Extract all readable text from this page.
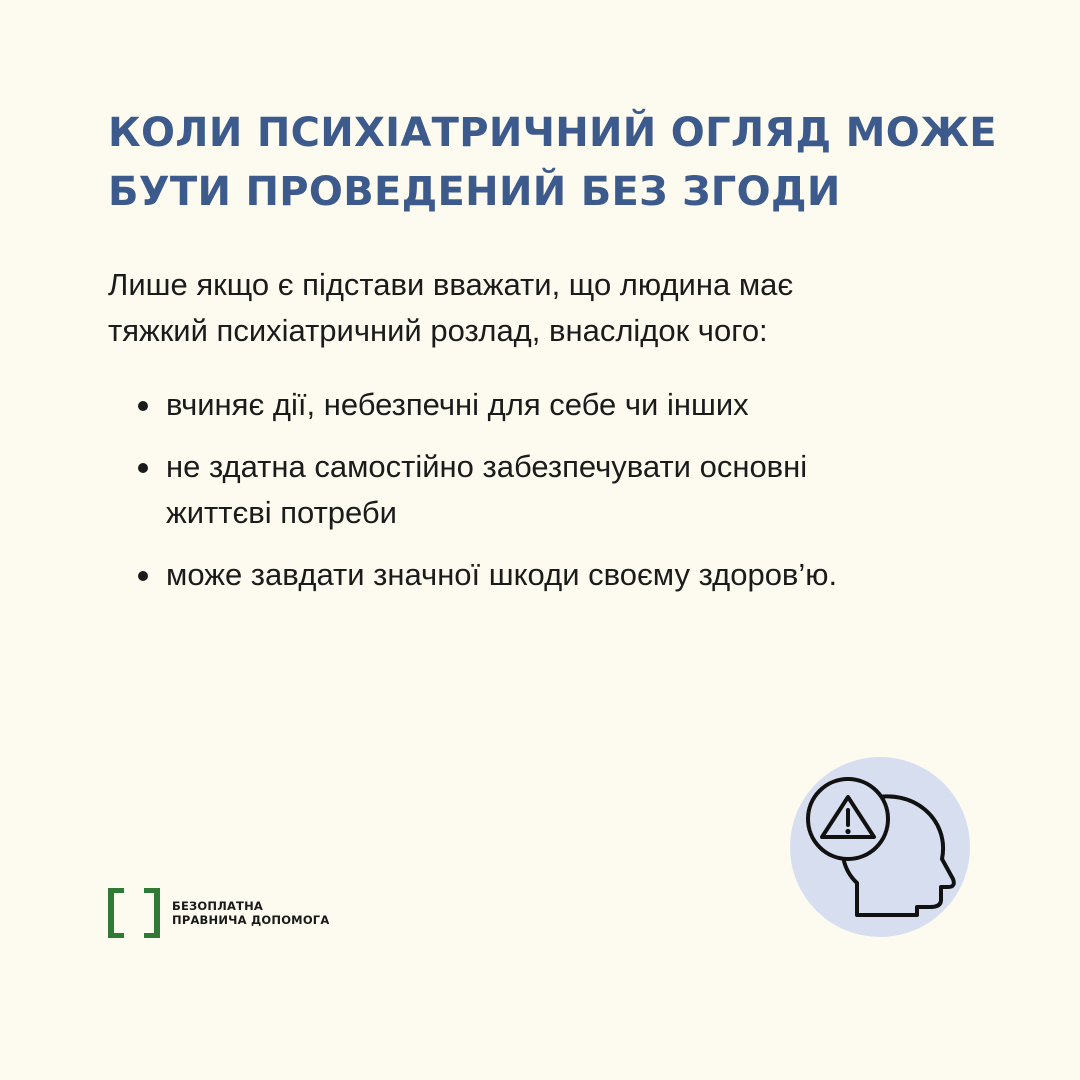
КОЛИ ПСИХІАТРИЧНИЙ ОГЛЯД МОЖЕ
БУТИ ПРОВЕДЕНИЙ БЕЗ ЗГОДИ

Лише якщо є підстави вважати, що людина має
тяжкий психіатричний розлад, внаслідок чого:

вчиняє дії, небезпечні для себе чи інших
не здатна самостійно забезпечувати основні
життєві потреби
може завдати значної шкоди своєму здоров’ю.
БЕЗОПЛАТНА
ПРАВНИЧА ДОПОМОГА
